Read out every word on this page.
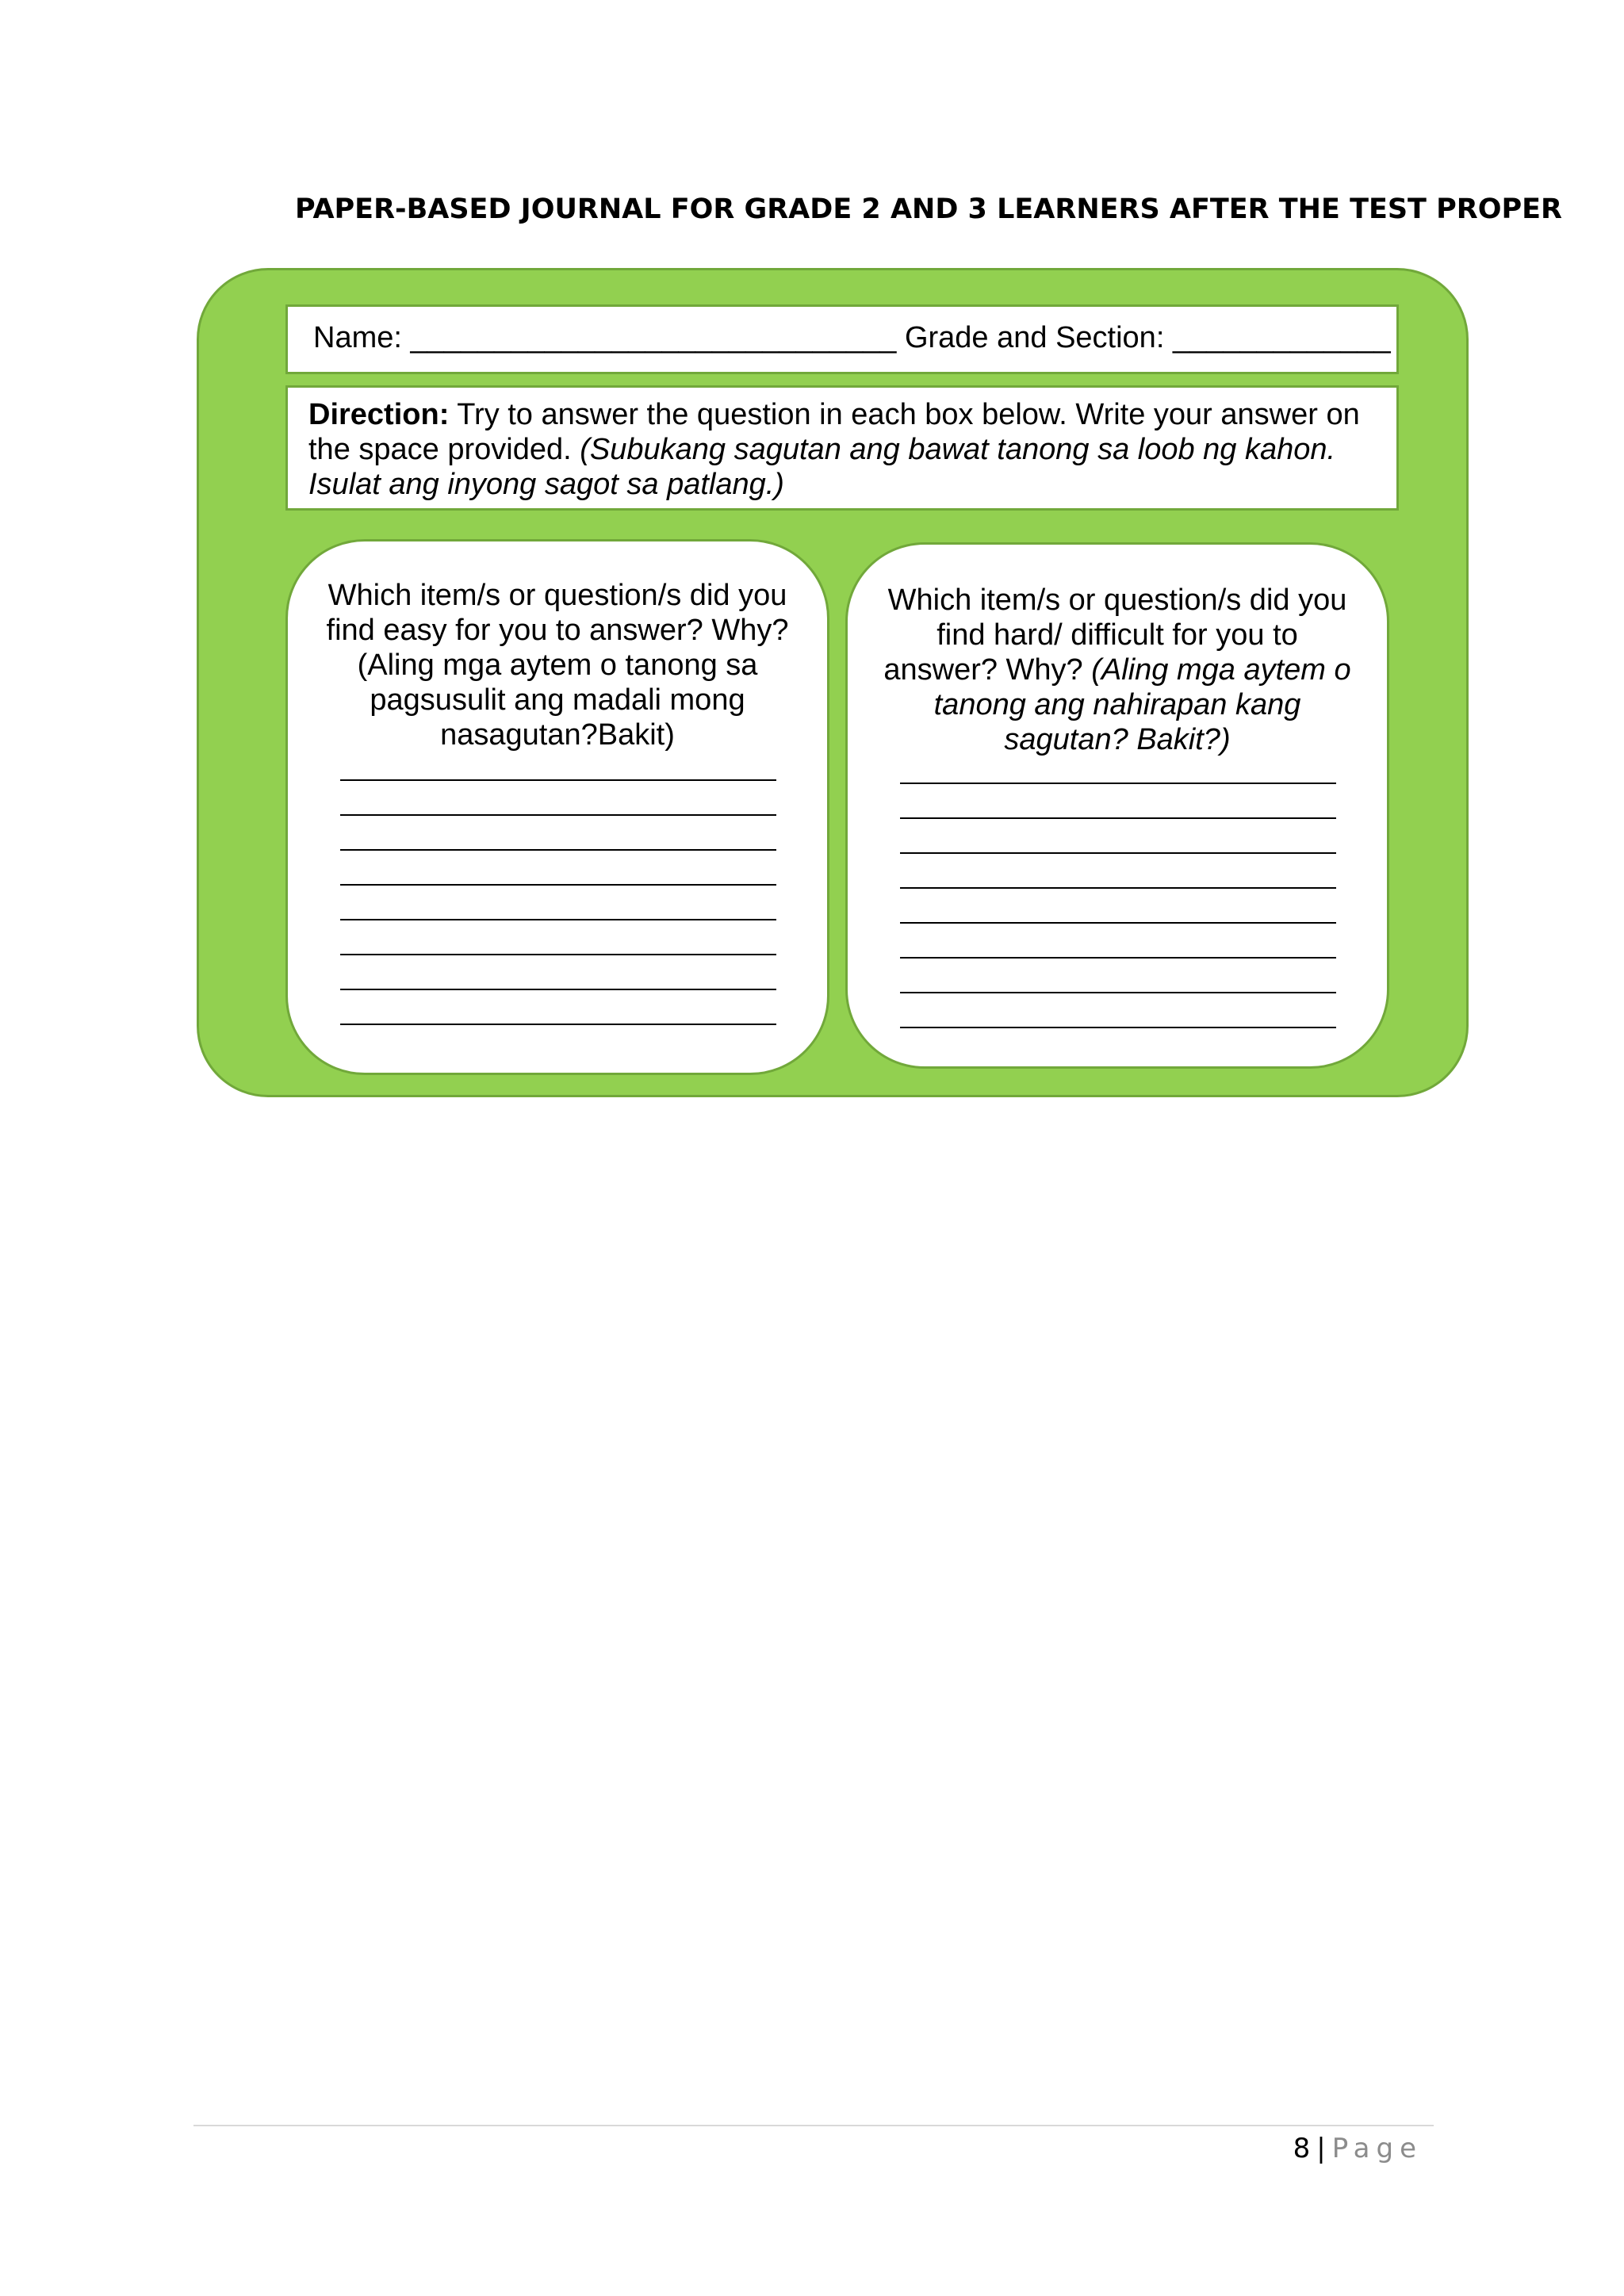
PAPER-BASED JOURNAL FOR GRADE 2 AND 3 LEARNERS AFTER THE TEST PROPER
Name: _____________________________ Grade and Section: _____________
Direction: Try to answer the question in each box below. Write your answer on the space provided. (Subukang sagutan ang bawat tanong sa loob ng kahon. Isulat ang inyong sagot sa patlang.)
Which item/s or question/s did you find easy for you to answer? Why? (Aling mga aytem o tanong sa pagsusulit ang madali mong nasagutan?Bakit)
Which item/s or question/s did you find hard/ difficult for you to answer? Why? (Aling mga aytem o tanong ang nahirapan kang sagutan? Bakit?)
8 | Page
